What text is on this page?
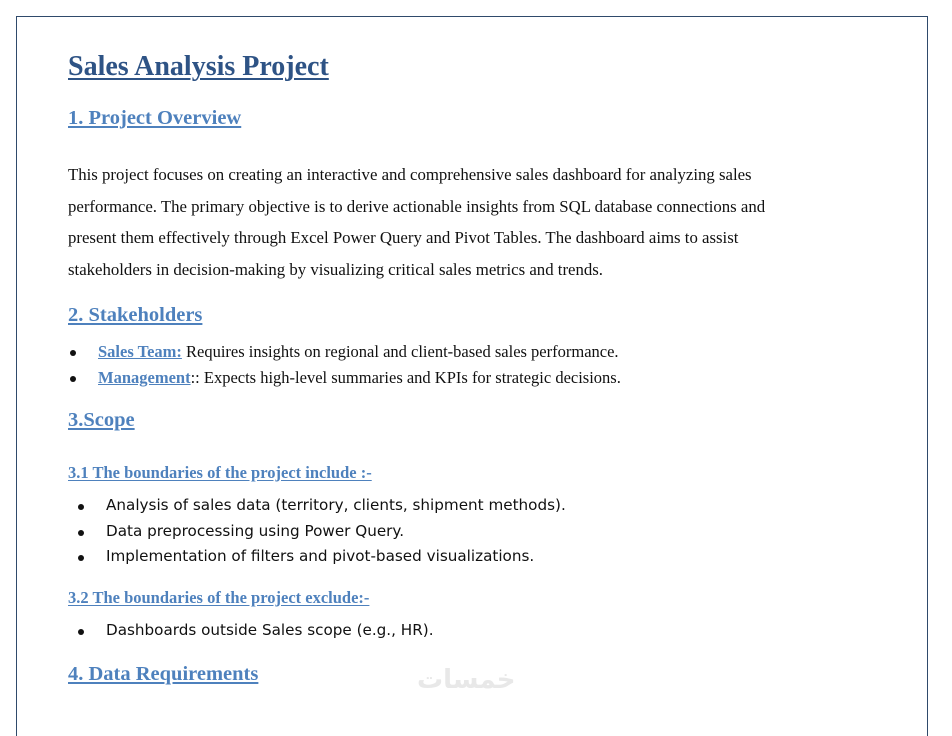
Sales Analysis Project
1. Project Overview

This project focuses on creating an interactive and comprehensive sales dashboard for analyzing sales

performance. The primary objective is to derive actionable insights from SQL database connections and

present them effectively through Excel Power Query and Pivot Tables. The dashboard aims to assist

stakeholders in decision-making by visualizing critical sales metrics and trends.

2. Stakeholders
Sales Team: Requires insights on regional and client-based sales performance.
Management:: Expects high-level summaries and KPIs for strategic decisions.
3.Scope
3.1 The boundaries of the project include :-
Analysis of sales data (territory, clients, shipment methods).
Data preprocessing using Power Query.
Implementation of filters and pivot-based visualizations.
3.2 The boundaries of the project exclude:-
Dashboards outside Sales scope (e.g., HR).
4. Data Requirements	خمسات
